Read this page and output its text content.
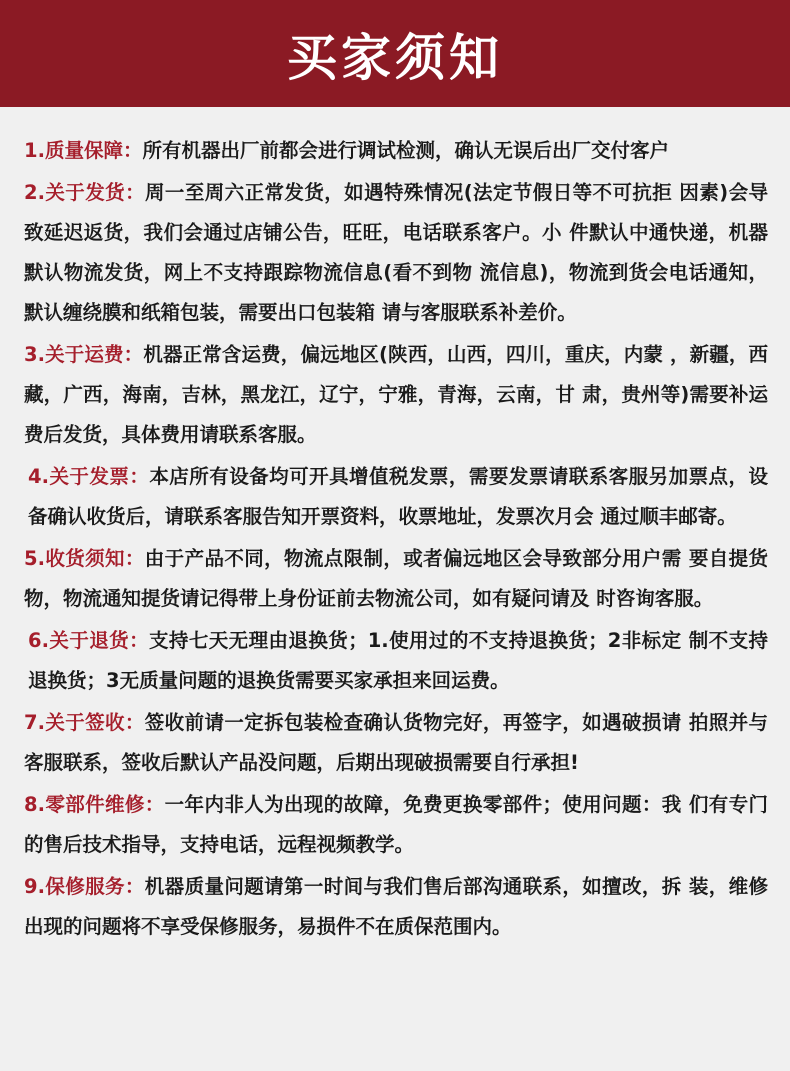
买家须知

1.质量保障：所有机器出厂前都会进行调试检测，确认无误后出厂交付客户

2.关于发货：周一至周六正常发货，如遇特殊情况(法定节假日等不可抗拒 因素)会导致延迟返货，我们会通过店铺公告，旺旺，电话联系客户。小 件默认中通快递，机器默认物流发货，网上不支持跟踪物流信息(看不到物 流信息)，物流到货会电话通知，默认缠绕膜和纸箱包装，需要出口包装箱 请与客服联系补差价。

3.关于运费：机器正常含运费，偏远地区(陕西，山西，四川，重庆，内蒙 ，新疆，西藏，广西，海南，吉林，黑龙江，辽宁，宁雅，青海，云南，甘 肃，贵州等)需要补运费后发货，具体费用请联系客服。

4.关于发票：本店所有设备均可开具增值税发票，需要发票请联系客服另加票点，设备确认收货后，请联系客服告知开票资料，收票地址，发票次月会 通过顺丰邮寄。

5.收货须知：由于产品不同，物流点限制，或者偏远地区会导致部分用户需 要自提货物，物流通知提货请记得带上身份证前去物流公司，如有疑问请及 时咨询客服。

6.关于退货：支持七天无理由退换货；1.使用过的不支持退换货；2非标定 制不支持退换货；3无质量问题的退换货需要买家承担来回运费。

7.关于签收：签收前请一定拆包装检查确认货物完好，再签字，如遇破损请 拍照并与客服联系，签收后默认产品没问题，后期出现破损需要自行承担!

8.零部件维修：一年内非人为出现的故障，免费更换零部件；使用问题：我 们有专门的售后技术指导，支持电话，远程视频教学。

9.保修服务：机器质量问题请第一时间与我们售后部沟通联系，如擅改，拆 装，维修出现的问题将不享受保修服务，易损件不在质保范围内。
